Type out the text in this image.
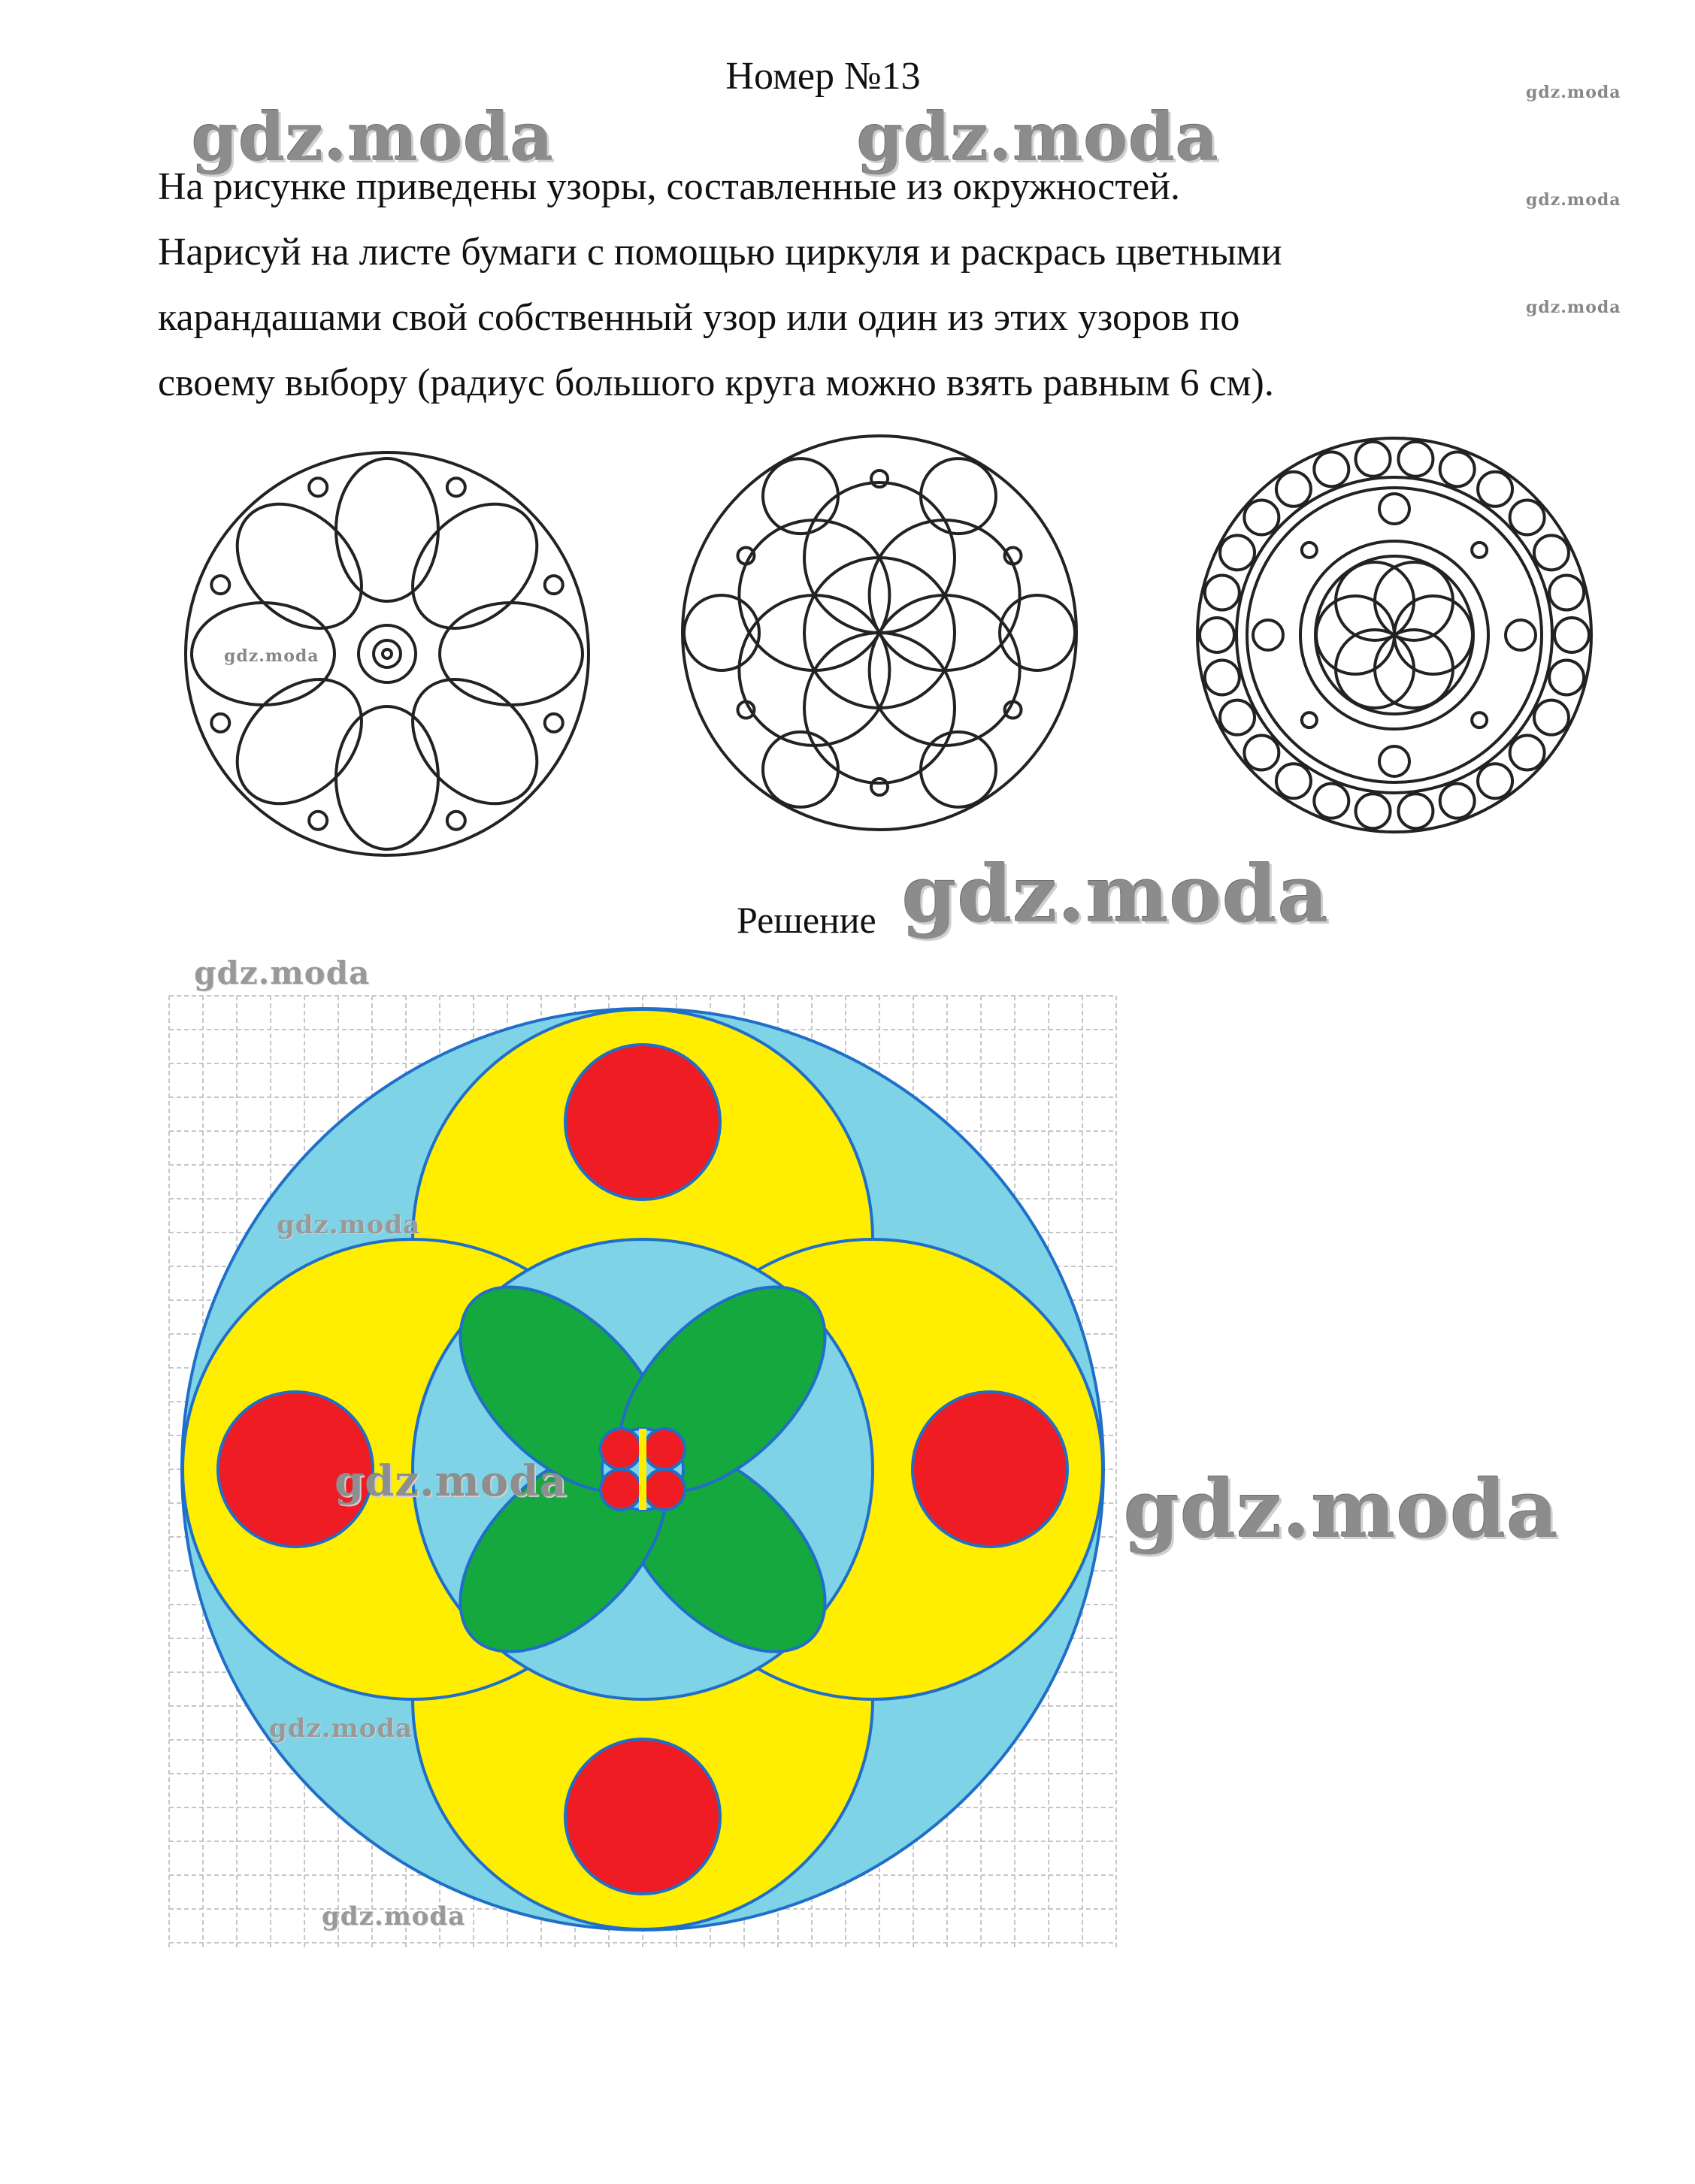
Номер №13
На рисунке приведены узоры, составленные из окружностей.
Нарисуй на листе бумаги с помощью циркуля и раскрась цветными
карандашами свой собственный узор или один из этих узоров по
своему выбору (радиус большого круга можно взять равным 6 см).
Решение
gdz.moda	gdz.moda
gdz.moda
gdz.moda
gdz.moda
gdz.moda
gdz.moda
gdz.moda
gdz.moda
gdz.moda
gdz.moda
gdz.moda
gdz.moda
